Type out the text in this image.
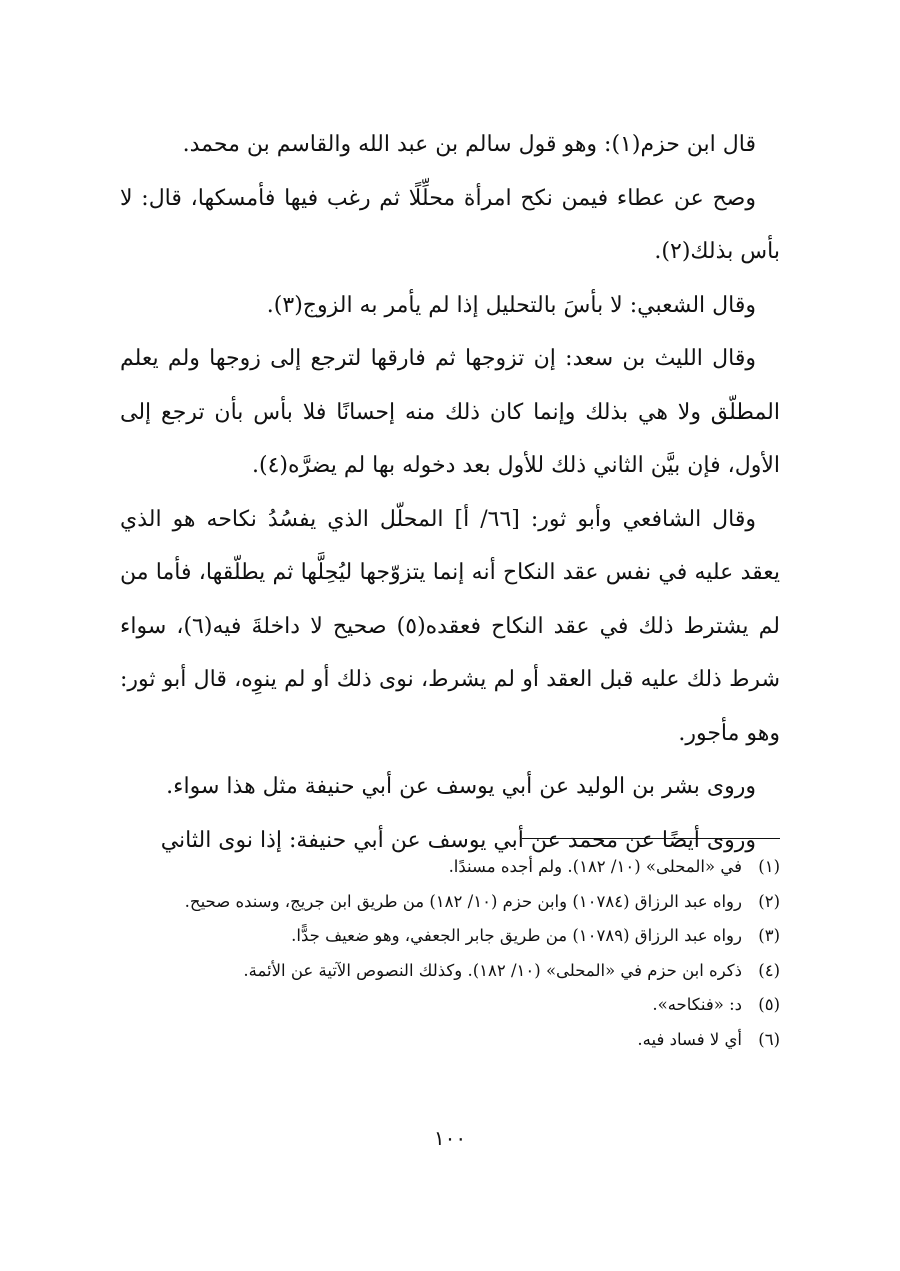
قال ابن حزم(١): وهو قول سالم بن عبد الله والقاسم بن محمد.

وصح عن عطاء فيمن نكح امرأة محلِّلًا ثم رغب فيها فأمسكها، قال: لا بأس بذلك(٢).

وقال الشعبي: لا بأسَ بالتحليل إذا لم يأمر به الزوج(٣).

وقال الليث بن سعد: إن تزوجها ثم فارقها لترجع إلى زوجها ولم يعلم المطلّق ولا هي بذلك وإنما كان ذلك منه إحسانًا فلا بأس بأن ترجع إلى الأول، فإن بيَّن الثاني ذلك للأول بعد دخوله بها لم يضرَّه(٤).

وقال الشافعي وأبو ثور: [٦٦/ أ] المحلّل الذي يفسُدُ نكاحه هو الذي يعقد عليه في نفس عقد النكاح أنه إنما يتزوّجها ليُحِلَّها ثم يطلّقها، فأما من لم يشترط ذلك في عقد النكاح فعقده(٥) صحيح لا داخلةَ فيه(٦)، سواء شرط ذلك عليه قبل العقد أو لم يشرط، نوى ذلك أو لم ينوِه، قال أبو ثور: وهو مأجور.

وروى بشر بن الوليد عن أبي يوسف عن أبي حنيفة مثل هذا سواء.

وروى أيضًا عن محمد عن أبي يوسف عن أبي حنيفة: إذا نوى الثاني

(١)
في «المحلى» (١٠/ ١٨٢). ولم أجده مسندًا.
(٢)
رواه عبد الرزاق (١٠٧٨٤) وابن حزم (١٠/ ١٨٢) من طريق ابن جريج، وسنده صحيح.
(٣)
رواه عبد الرزاق (١٠٧٨٩) من طريق جابر الجعفي، وهو ضعيف جدًّا.
(٤)
ذكره ابن حزم في «المحلى» (١٠/ ١٨٢). وكذلك النصوص الآتية عن الأئمة.
(٥)
د: «فنكاحه».
(٦)
أي لا فساد فيه.
١٠٠
